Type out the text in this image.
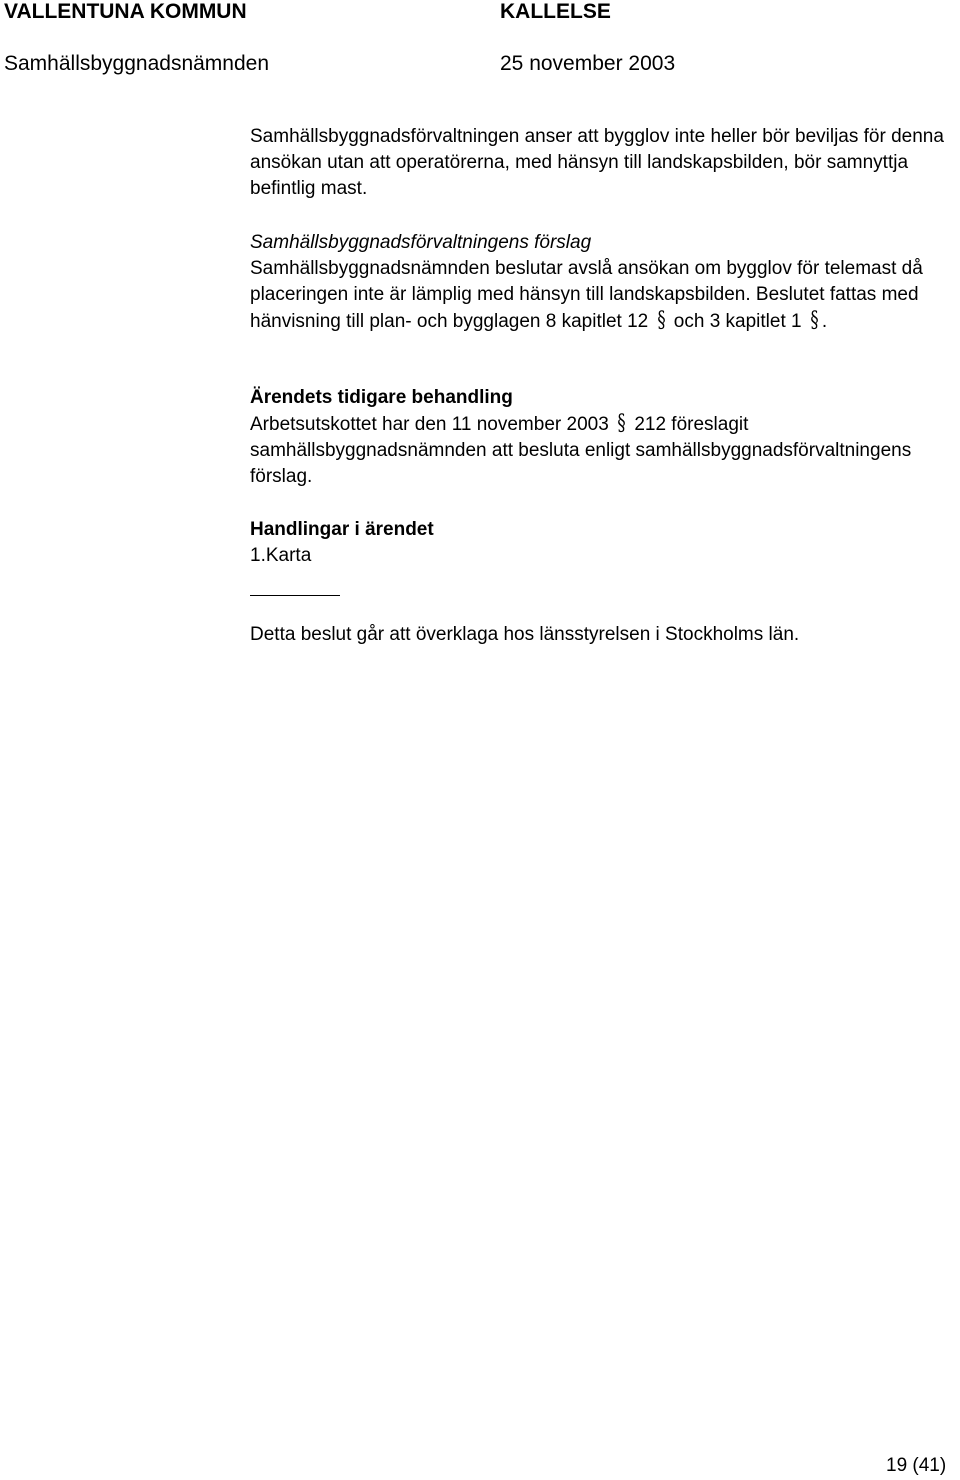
VALLENTUNA KOMMUN	KALLELSE
Samhällsbyggnadsnämnden	25 november 2003

Samhällsbyggnadsförvaltningen anser att bygglov inte heller bör beviljas för denna ansökan utan att operatörerna, med hänsyn till landskapsbilden, bör samnyttja befintlig mast.

Samhällsbyggnadsförvaltningens förslag

Samhällsbyggnadsnämnden beslutar avslå ansökan om bygglov för telemast då placeringen inte är lämplig med hänsyn till landskapsbilden. Beslutet fattas med hänvisning till plan- och bygglagen 8 kapitlet 12 § och 3 kapitlet 1 § .

Ärendets tidigare behandling

Arbetsutskottet har den 11 november 2003 § 212 föreslagit samhällsbyggnadsnämnden att besluta enligt samhällsbyggnadsförvaltningens förslag.

Handlingar i ärendet

1.Karta

Detta beslut går att överklaga hos länsstyrelsen i Stockholms län.

19 (41)
